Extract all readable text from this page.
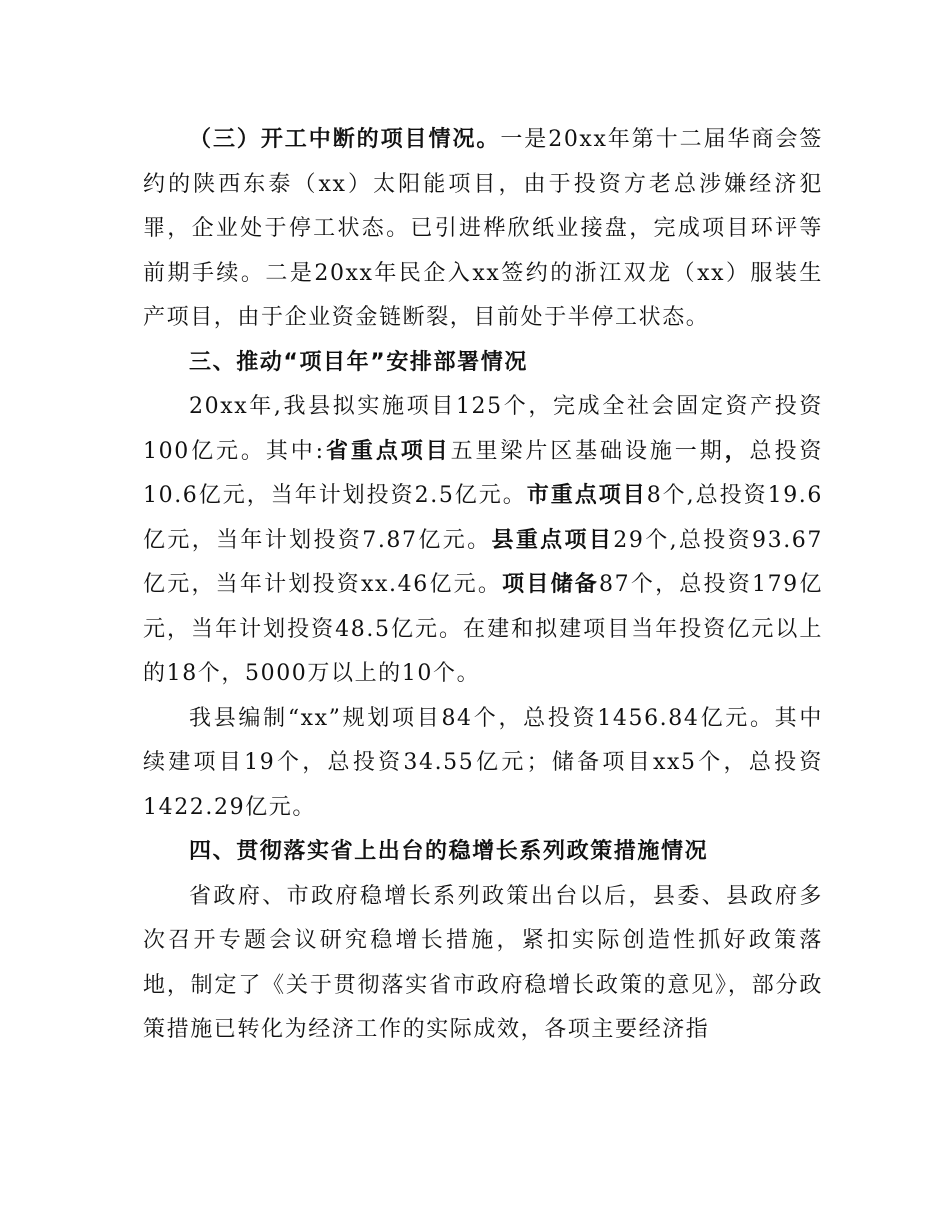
（三）开工中断的项目情况。一是20xx年第十二届华商会签约的陕西东泰（xx）太阳能项目，由于投资方老总涉嫌经济犯罪，企业处于停工状态。已引进桦欣纸业接盘，完成项目环评等前期手续。二是20xx年民企入xx签约的浙江双龙（xx）服装生产项目，由于企业资金链断裂，目前处于半停工状态。

三、推动“项目年”安排部署情况

20xx年,我县拟实施项目125个，完成全社会固定资产投资100亿元。其中:省重点项目五里梁片区基础设施一期，总投资10.6亿元，当年计划投资2.5亿元。市重点项目8个,总投资19.6亿元，当年计划投资7.87亿元。县重点项目29个,总投资93.67亿元，当年计划投资xx.46亿元。项目储备87个，总投资179亿元，当年计划投资48.5亿元。在建和拟建项目当年投资亿元以上的18个，5000万以上的10个。

我县编制“xx”规划项目84个，总投资1456.84亿元。其中续建项目19个，总投资34.55亿元；储备项目xx5个，总投资1422.29亿元。

四、贯彻落实省上出台的稳增长系列政策措施情况

省政府、市政府稳增长系列政策出台以后，县委、县政府多次召开专题会议研究稳增长措施，紧扣实际创造性抓好政策落地，制定了《关于贯彻落实省市政府稳增长政策的意见》，部分政策措施已转化为经济工作的实际成效，各项主要经济指
